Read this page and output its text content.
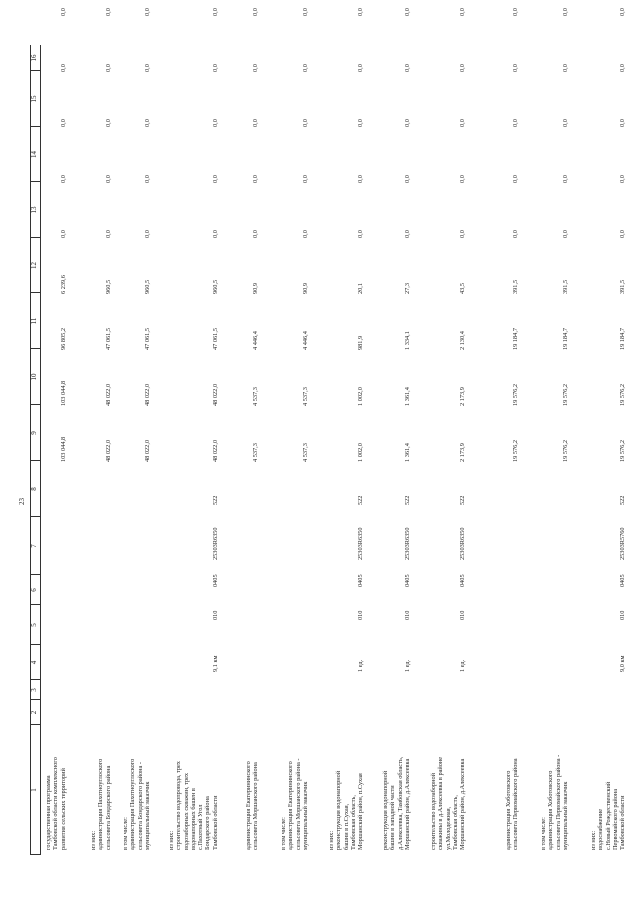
23
1
2
3
4
5
6
7
8
9
10
11
12
13
14
15
16
государственная программа
Тамбовской области комплексного
развития сельских территорий
103 044,8
103 044,8
96 805,2
6 239,6
0,0
0,0
0,0
0,0
0,0
из них:
администрация Пахотноуглоского
сельсовета Бондарского района
48 022,0
48 022,0
47 061,5
960,5
0,0
0,0
0,0
0,0
0,0
в том числе:
администрация Пахотноуглоского
сельсовета Бондарского района -
муниципальный заказчик
48 022,0
48 022,0
47 061,5
960,5
0,0
0,0
0,0
0,0
0,0
из них:
строительство водопровода, трех
водозаборных скважин, трех
водонапорных башен в
с.Пахотный Угол
Бондарского района
Тамбовской области
9,1 км
010
0405
25303R6350
522
48 022,0
48 022,0
47 061,5
960,5
0,0
0,0
0,0
0,0
0,0
администрация Екатерининского
сельсовета Моршанского района
4 537,3
4 537,3
4 446,4
90,9
0,0
0,0
0,0
0,0
0,0
в том числе:
администрация Екатерининского
сельсовета Моршанского района -
муниципальный заказчик
4 537,3
4 537,3
4 446,4
90,9
0,0
0,0
0,0
0,0
0,0
из них:
реконструкция водонапорной
башни в п.Сухая,
Тамбовская область,
Моршанский район, п.Сухая
1 ед.
010
0405
25303R6350
522
1 002,0
1 002,0
981,9
20,1
0,0
0,0
0,0
0,0
0,0
реконструкция водонапорной
башни в западной части
д.Алексеевка, Тамбовская область,
Моршанский район, д.Алексеевка
1 ед.
010
0405
25303R6350
522
1 361,4
1 361,4
1 334,1
27,3
0,0
0,0
0,0
0,0
0,0
строительство водозаборной
скважины в д.Алексеевка в районе
ул.Молодежная,
Тамбовская область,
Моршанский район, д.Алексеевка
1 ед.
010
0405
25303R6350
522
2 173,9
2 173,9
2 130,4
43,5
0,0
0,0
0,0
0,0
0,0
администрация Хоботовского
сельсовета Первомайского района
19 576,2
19 576,2
19 184,7
391,5
0,0
0,0
0,0
0,0
0,0
в том числе:
администрация Хоботовского
сельсовета Первомайского района -
муниципальный заказчик
19 576,2
19 576,2
19 184,7
391,5
0,0
0,0
0,0
0,0
0,0
из них:
водоснабжение
с.Новый Рождественский
Первомайского района
Тамбовской области
9,0 км
010
0405
25303R5760
522
19 576,2
19 576,2
19 184,7
391,5
0,0
0,0
0,0
0,0
0,0
